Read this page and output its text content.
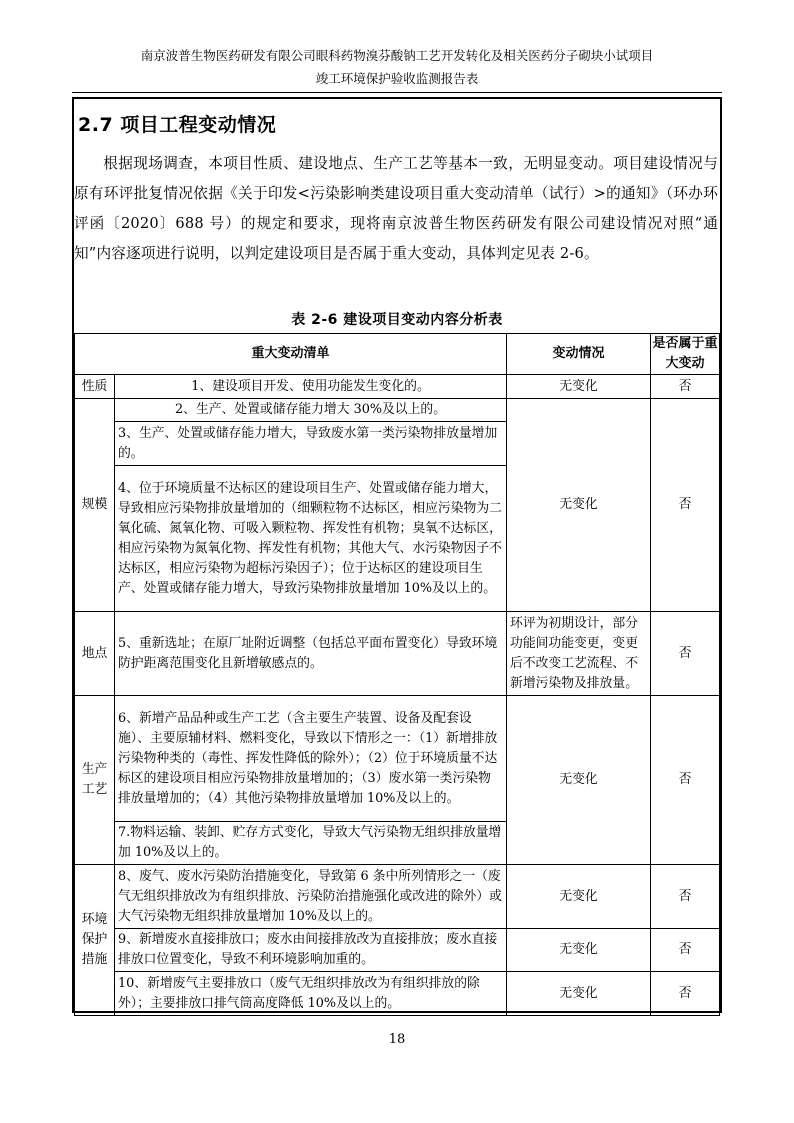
南京波普生物医药研发有限公司眼科药物溴芬酸钠工艺开发转化及相关医药分子砌块小试项目
竣工环境保护验收监测报告表
2.7 项目工程变动情况
根据现场调查，本项目性质、建设地点、生产工艺等基本一致，无明显变动。项目建设情况与原有环评批复情况依据《关于印发<污染影响类建设项目重大变动清单（试行）>的通知》（环办环评函〔2020〕688 号）的规定和要求，现将南京波普生物医药研发有限公司建设情况对照“通知”内容逐项进行说明，以判定建设项目是否属于重大变动，具体判定见表 2-6。
表 2-6 建设项目变动内容分析表
重大变动清单		变动情况	是否属于重大变动
性质	1、建设项目开发、使用功能发生变化的。	无变化	否
规模	2、生产、处置或储存能力增大 30%及以上的。	无变化	否
	3、生产、处置或储存能力增大，导致废水第一类污染物排放量增加的。		
	4、位于环境质量不达标区的建设项目生产、处置或储存能力增大，导致相应污染物排放量增加的（细颗粒物不达标区，相应污染物为二氧化硫、氮氧化物、可吸入颗粒物、挥发性有机物；臭氧不达标区，相应污染物为氮氧化物、挥发性有机物；其他大气、水污染物因子不达标区，相应污染物为超标污染因子）；位于达标区的建设项目生产、处置或储存能力增大，导致污染物排放量增加 10%及以上的。		
地点	5、重新选址；在原厂址附近调整（包括总平面布置变化）导致环境防护距离范围变化且新增敏感点的。	环评为初期设计，部分功能间功能变更，变更后不改变工艺流程、不新增污染物及排放量。	否
生产工艺	6、新增产品品种或生产工艺（含主要生产装置、设备及配套设施）、主要原辅材料、燃料变化，导致以下情形之一：（1）新增排放污染物种类的（毒性、挥发性降低的除外）；（2）位于环境质量不达标区的建设项目相应污染物排放量增加的；（3）废水第一类污染物排放量增加的；（4）其他污染物排放量增加 10%及以上的。	无变化	否
	7.物料运输、装卸、贮存方式变化，导致大气污染物无组织排放量增加 10%及以上的。		
环境保护措施	8、废气、废水污染防治措施变化，导致第 6 条中所列情形之一（废气无组织排放改为有组织排放、污染防治措施强化或改进的除外）或大气污染物无组织排放量增加 10%及以上的。	无变化	否
	9、新增废水直接排放口；废水由间接排放改为直接排放；废水直接排放口位置变化，导致不利环境影响加重的。	无变化	否
	10、新增废气主要排放口（废气无组织排放改为有组织排放的除外）；主要排放口排气筒高度降低 10%及以上的。	无变化	否
18
